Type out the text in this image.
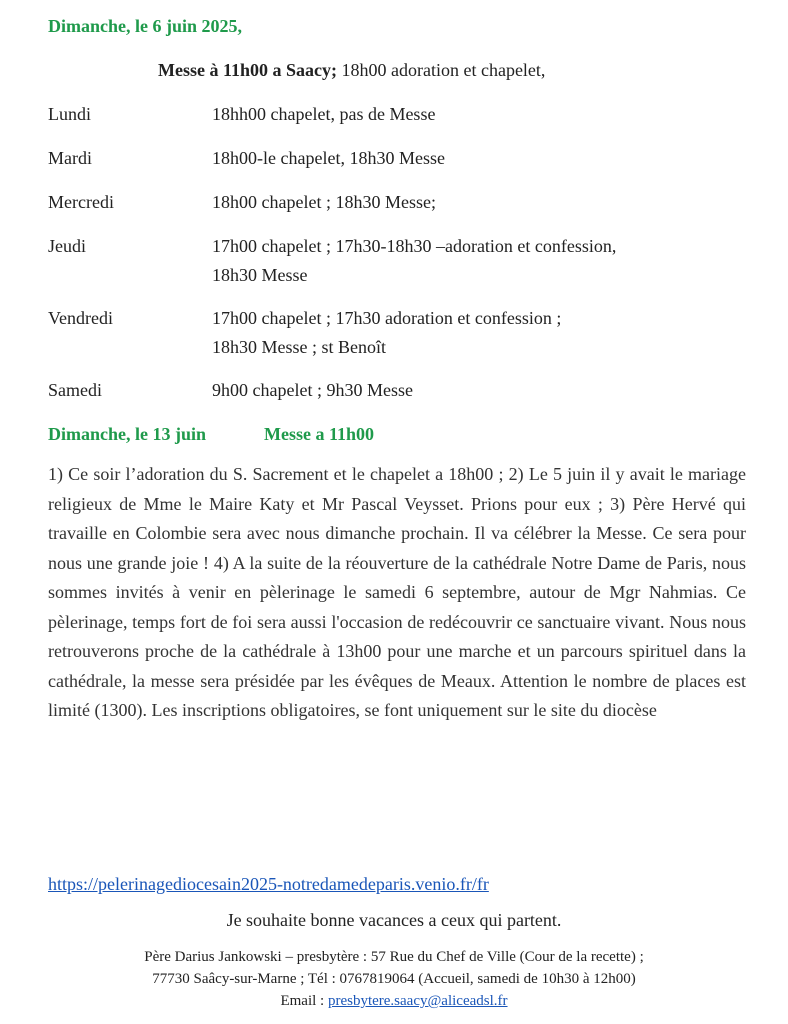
Dimanche, le 6 juin 2025,
Messe à 11h00 a Saacy; 18h00 adoration et chapelet,
Lundi	18hh00 chapelet, pas de Messe
Mardi	18h00-le chapelet, 18h30 Messe
Mercredi	18h00 chapelet ; 18h30 Messe;
Jeudi	17h00 chapelet ; 17h30-18h30 –adoration et confession,
18h30 Messe
Vendredi	17h00 chapelet ; 17h30 adoration et confession ;
18h30 Messe ; st Benoît
Samedi	9h00 chapelet ; 9h30 Messe
Dimanche, le 13 juin	Messe a 11h00
1) Ce soir l’adoration du S. Sacrement et le chapelet a 18h00 ; 2) Le 5 juin il y avait le mariage religieux de Mme le Maire Katy et Mr Pascal Veysset. Prions pour eux ; 3) Père Hervé qui travaille en Colombie sera avec nous dimanche prochain. Il va célébrer la Messe. Ce sera pour nous une grande joie ! 4) A la suite de la réouverture de la cathédrale Notre Dame de Paris, nous sommes invités à venir en pèlerinage le samedi 6 septembre, autour de Mgr Nahmias. Ce pèlerinage, temps fort de foi sera aussi l'occasion de redécouvrir ce sanctuaire vivant. Nous nous retrouverons proche de la cathédrale à 13h00 pour une marche et un parcours spirituel dans la cathédrale, la messe sera présidée par les évêques de Meaux. Attention le nombre de places est limité (1300). Les inscriptions obligatoires, se font uniquement sur le site du diocèse
https://pelerinagediocesain2025-notredamedeparis.venio.fr/fr
Je souhaite bonne vacances a ceux qui partent.
Père Darius Jankowski – presbytère : 57 Rue du Chef de Ville (Cour de la recette) ;
77730 Saâcy-sur-Marne ; Tél : 0767819064 (Accueil, samedi de 10h30 à 12h00)
Email : presbytere.saacy@aliceadsl.fr
